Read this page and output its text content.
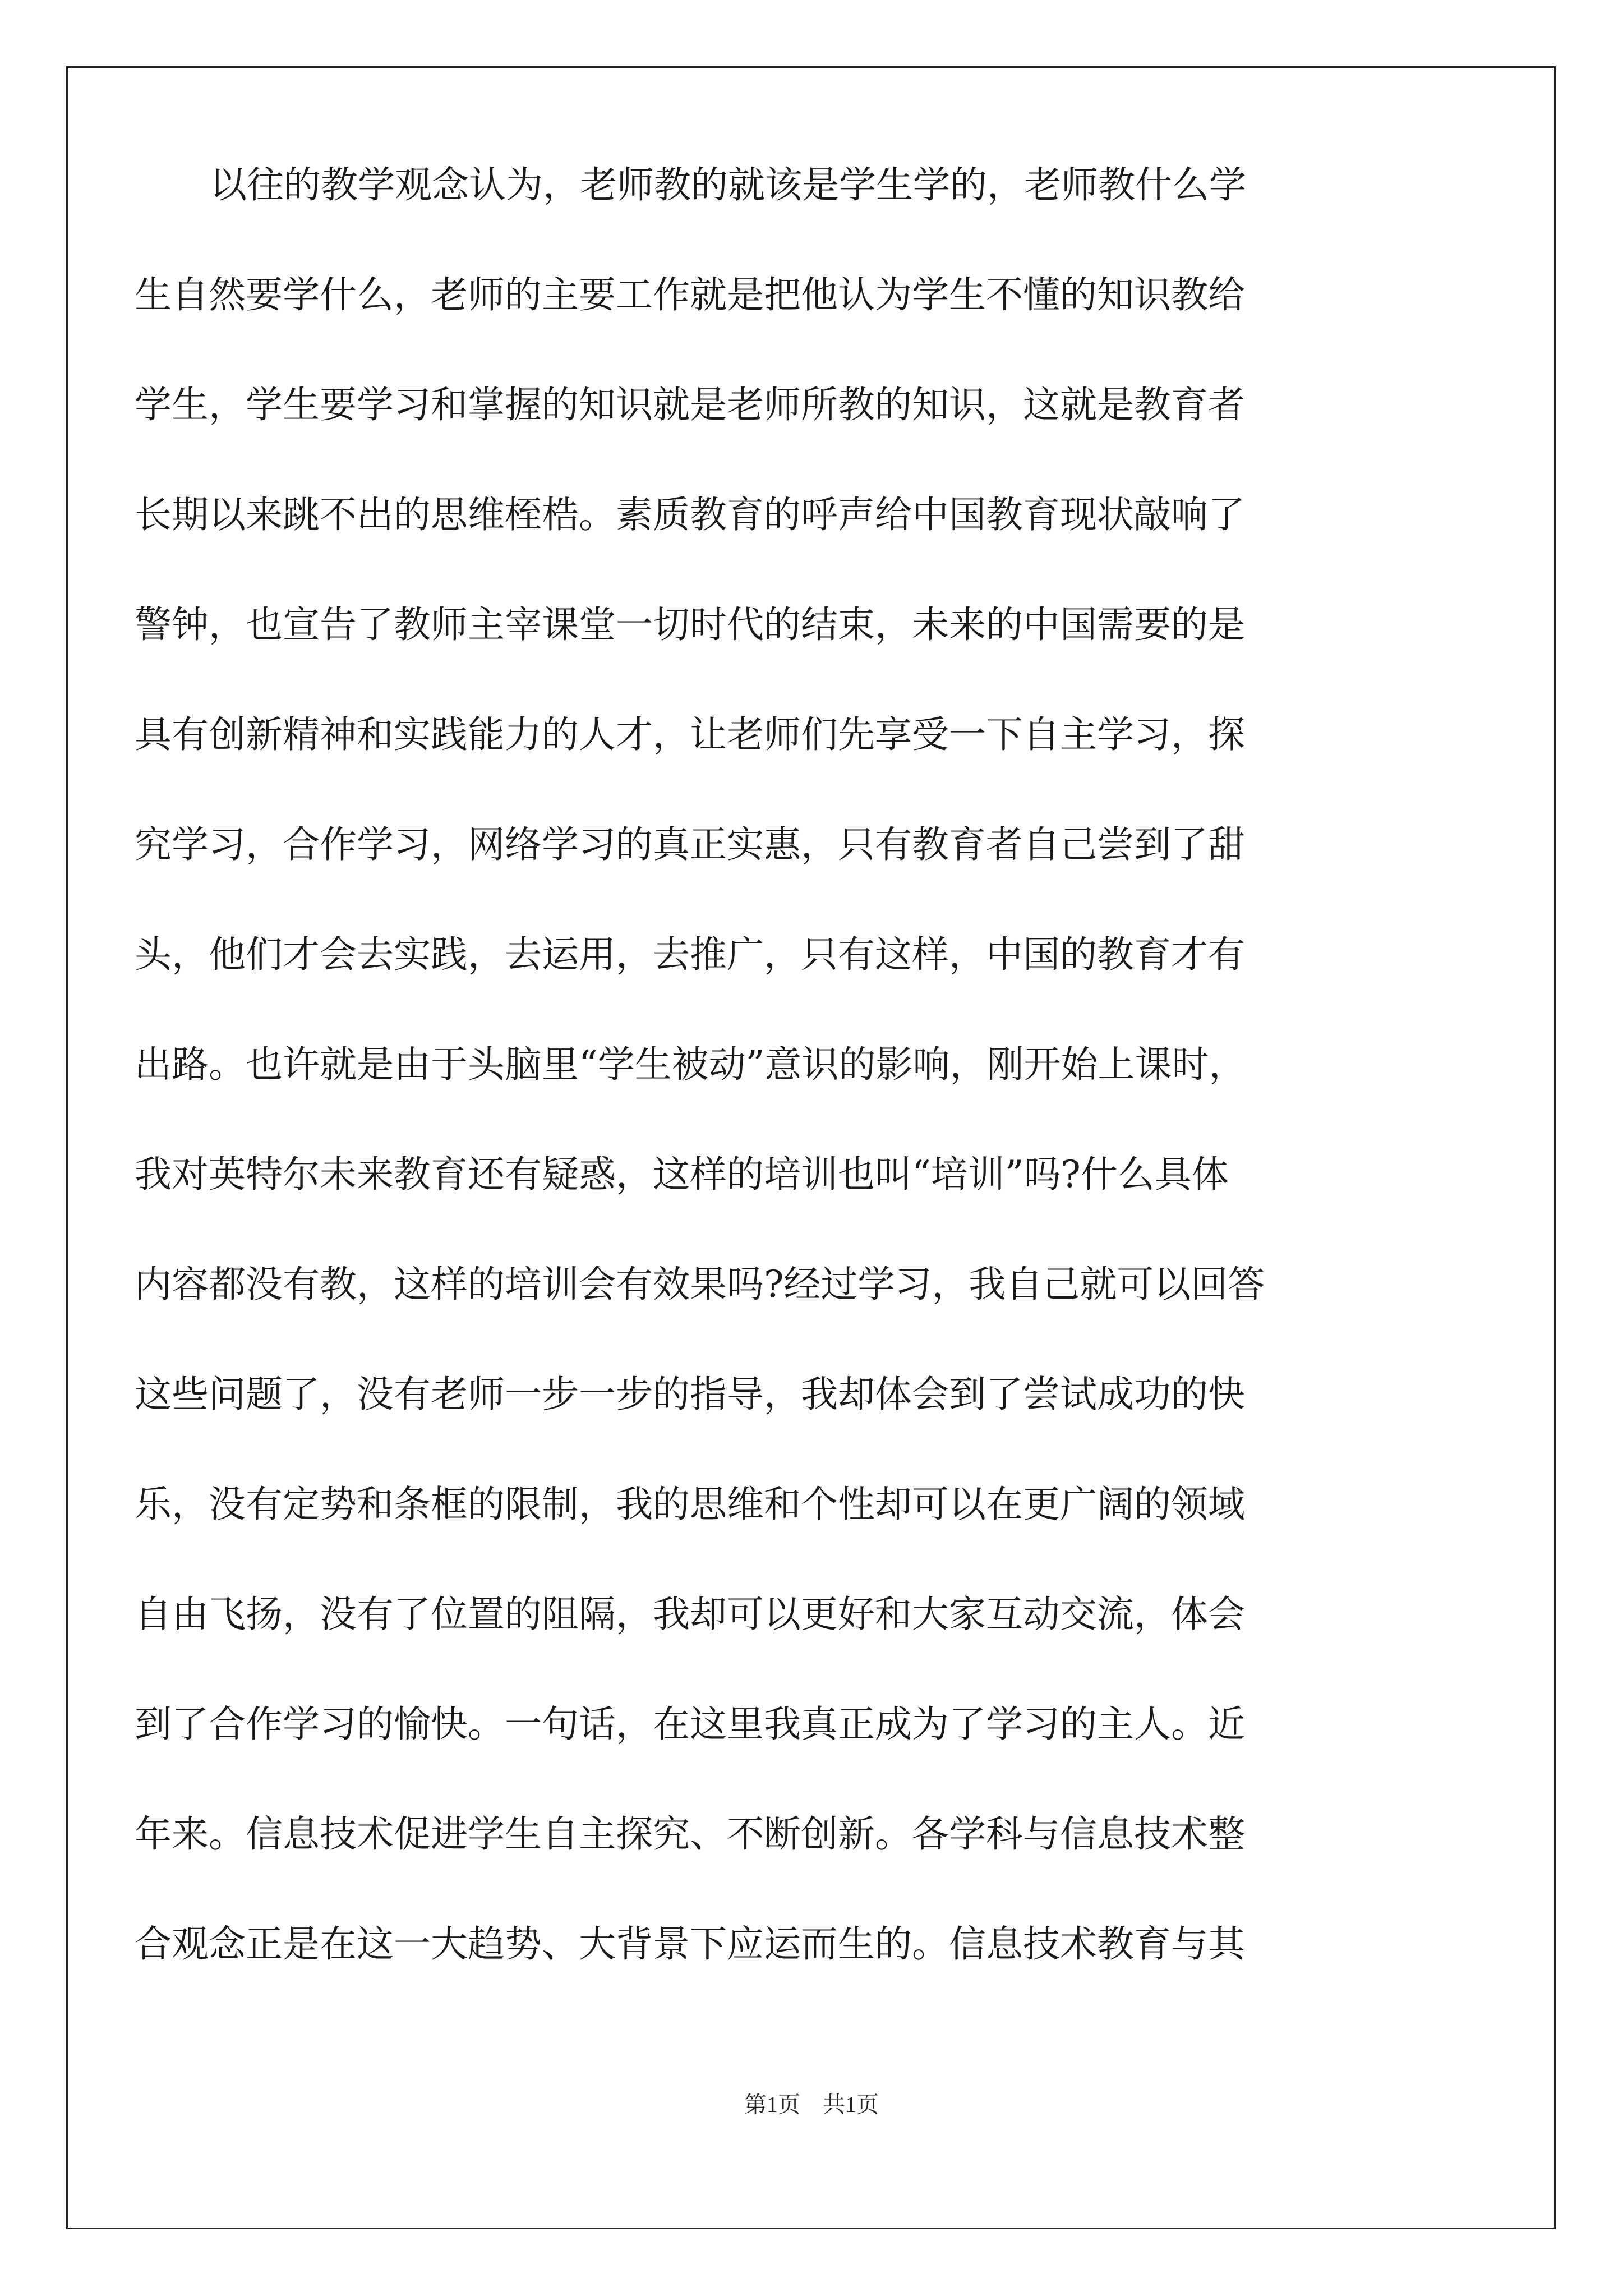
以往的教学观念认为，老师教的就该是学生学的，老师教什么学
生自然要学什么，老师的主要工作就是把他认为学生不懂的知识教给
学生，学生要学习和掌握的知识就是老师所教的知识，这就是教育者
长期以来跳不出的思维桎梏。素质教育的呼声给中国教育现状敲响了
警钟，也宣告了教师主宰课堂一切时代的结束，未来的中国需要的是
具有创新精神和实践能力的人才，让老师们先享受一下自主学习，探
究学习，合作学习，网络学习的真正实惠，只有教育者自己尝到了甜
头，他们才会去实践，去运用，去推广，只有这样，中国的教育才有
出路。也许就是由于头脑里“学生被动”意识的影响，刚开始上课时，
我对英特尔未来教育还有疑惑，这样的培训也叫“培训”吗?什么具体
内容都没有教，这样的培训会有效果吗?经过学习，我自己就可以回答
这些问题了，没有老师一步一步的指导，我却体会到了尝试成功的快
乐，没有定势和条框的限制，我的思维和个性却可以在更广阔的领域
自由飞扬，没有了位置的阻隔，我却可以更好和大家互动交流，体会
到了合作学习的愉快。一句话，在这里我真正成为了学习的主人。近
年来。信息技术促进学生自主探究、不断创新。各学科与信息技术整
合观念正是在这一大趋势、大背景下应运而生的。信息技术教育与其
第1页 共1页
